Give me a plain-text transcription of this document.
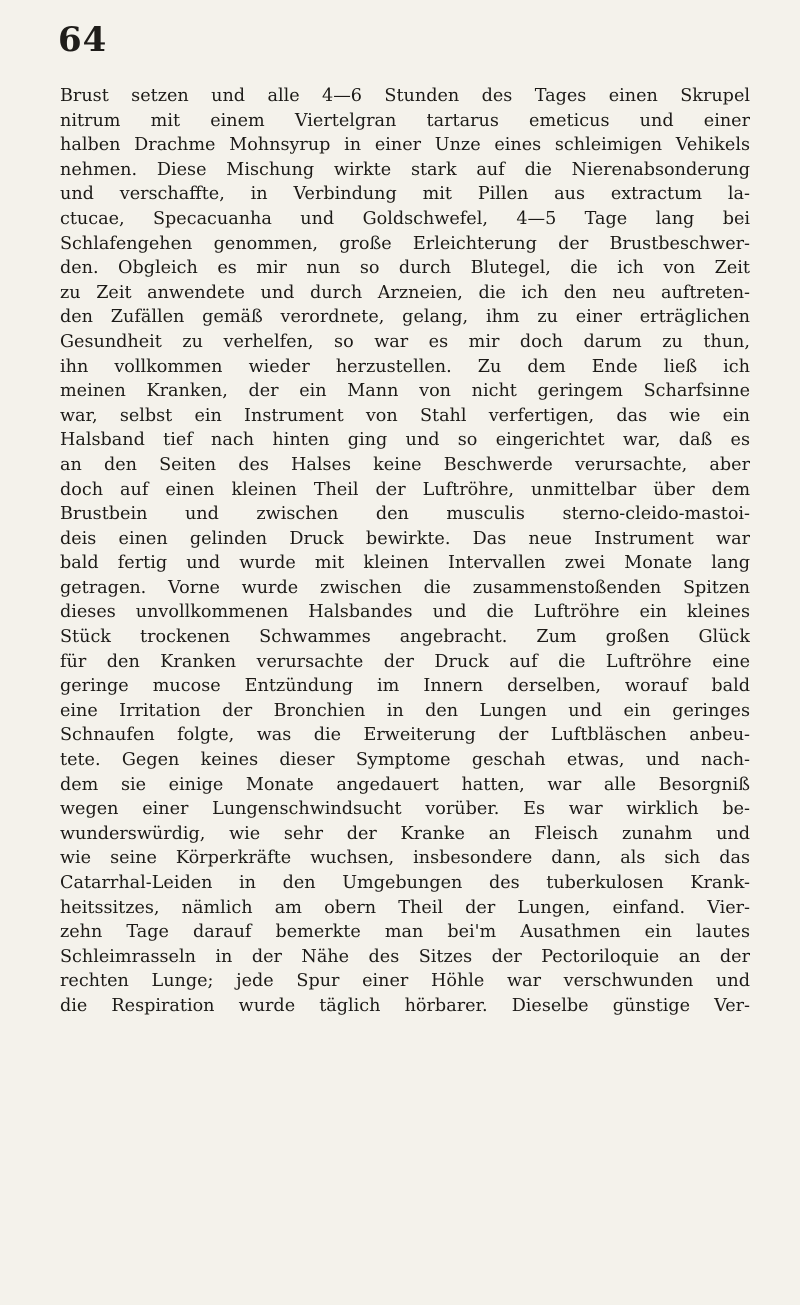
64
Brust setzen und alle 4—6 Stunden des Tages einen Skrupel
nitrum mit einem Viertelgran tartarus emeticus und einer
halben Drachme Mohnsyrup in einer Unze eines schleimigen Vehikels
nehmen. Diese Mischung wirkte stark auf die Nierenabsonderung
und verschaffte, in Verbindung mit Pillen aus extractum la-
ctucae, Specacuanha und Goldschwefel, 4—5 Tage lang bei
Schlafengehen genommen, große Erleichterung der Brustbeschwer-
den. Obgleich es mir nun so durch Blutegel, die ich von Zeit
zu Zeit anwendete und durch Arzneien, die ich den neu auftreten-
den Zufällen gemäß verordnete, gelang, ihm zu einer erträglichen
Gesundheit zu verhelfen, so war es mir doch darum zu thun,
ihn vollkommen wieder herzustellen. Zu dem Ende ließ ich
meinen Kranken, der ein Mann von nicht geringem Scharfsinne
war, selbst ein Instrument von Stahl verfertigen, das wie ein
Halsband tief nach hinten ging und so eingerichtet war, daß es
an den Seiten des Halses keine Beschwerde verursachte, aber
doch auf einen kleinen Theil der Luftröhre, unmittelbar über dem
Brustbein und zwischen den musculis sterno-cleido-mastoi-
deis einen gelinden Druck bewirkte. Das neue Instrument war
bald fertig und wurde mit kleinen Intervallen zwei Monate lang
getragen. Vorne wurde zwischen die zusammenstoßenden Spitzen
dieses unvollkommenen Halsbandes und die Luftröhre ein kleines
Stück trockenen Schwammes angebracht. Zum großen Glück
für den Kranken verursachte der Druck auf die Luftröhre eine
geringe mucose Entzündung im Innern derselben, worauf bald
eine Irritation der Bronchien in den Lungen und ein geringes
Schnaufen folgte, was die Erweiterung der Luftbläschen anbeu-
tete. Gegen keines dieser Symptome geschah etwas, und nach-
dem sie einige Monate angedauert hatten, war alle Besorgniß
wegen einer Lungenschwindsucht vorüber. Es war wirklich be-
wunderswürdig, wie sehr der Kranke an Fleisch zunahm und
wie seine Körperkräfte wuchsen, insbesondere dann, als sich das
Catarrhal-Leiden in den Umgebungen des tuberkulosen Krank-
heitssitzes, nämlich am obern Theil der Lungen, einfand. Vier-
zehn Tage darauf bemerkte man bei'm Ausathmen ein lautes
Schleimrasseln in der Nähe des Sitzes der Pectoriloquie an der
rechten Lunge; jede Spur einer Höhle war verschwunden und
die Respiration wurde täglich hörbarer. Dieselbe günstige Ver-
